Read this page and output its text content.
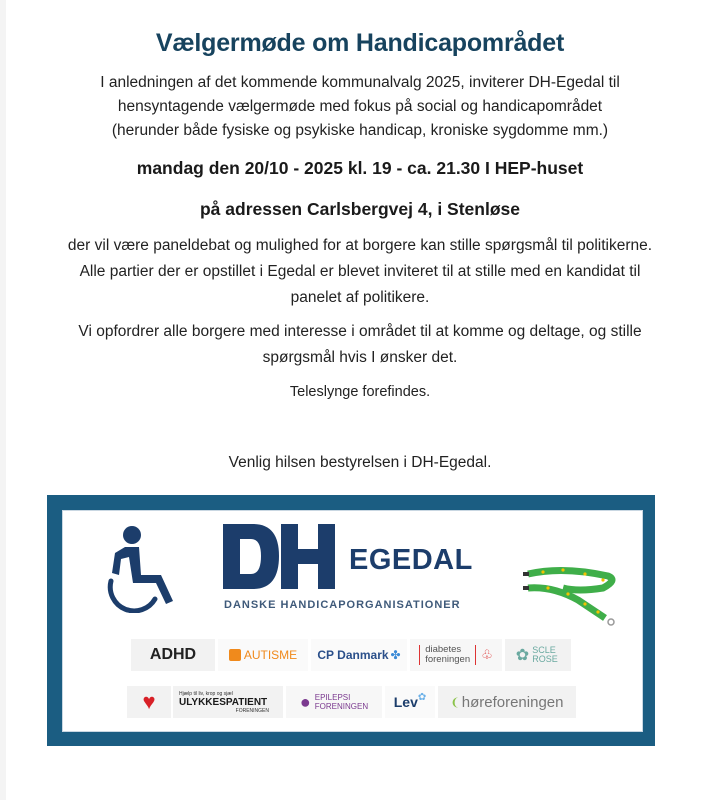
Vælgermøde om Handicapområdet
I anledningen af det kommende kommunalvalg 2025, inviterer DH-Egedal til
hensyntagende vælgermøde med fokus på social og handicapområdet
(herunder både fysiske og psykiske handicap, kroniske sygdomme mm.)
mandag den 20/10 - 2025 kl. 19 - ca. 21.30 I HEP-huset
på adressen Carlsbergvej 4, i Stenløse
der vil være paneldebat og mulighed for at borgere kan stille spørgsmål til politikerne.
Alle partier der er opstillet i Egedal er blevet inviteret til at stille med en kandidat til
panelet af politikere.
Vi opfordrer alle borgere med interesse i området til at komme og deltage, og stille
spørgsmål hvis I ønsker det.
Teleslynge forefindes.
Venlig hilsen bestyrelsen i DH-Egedal.
EGEDAL
DANSKE HANDICAPORGANISATIONER
ADHD	AUTISME CP Danmark ✤	diabetes
foreningen ♧ ✿ SCLE ROSE
♥	Hjælp til liv, krop og sjæl
ULYKKESPATIENT
FORENINGEN ● EPILEPSI
FORENINGEN Lev ✿ ❨ høreforeningen
